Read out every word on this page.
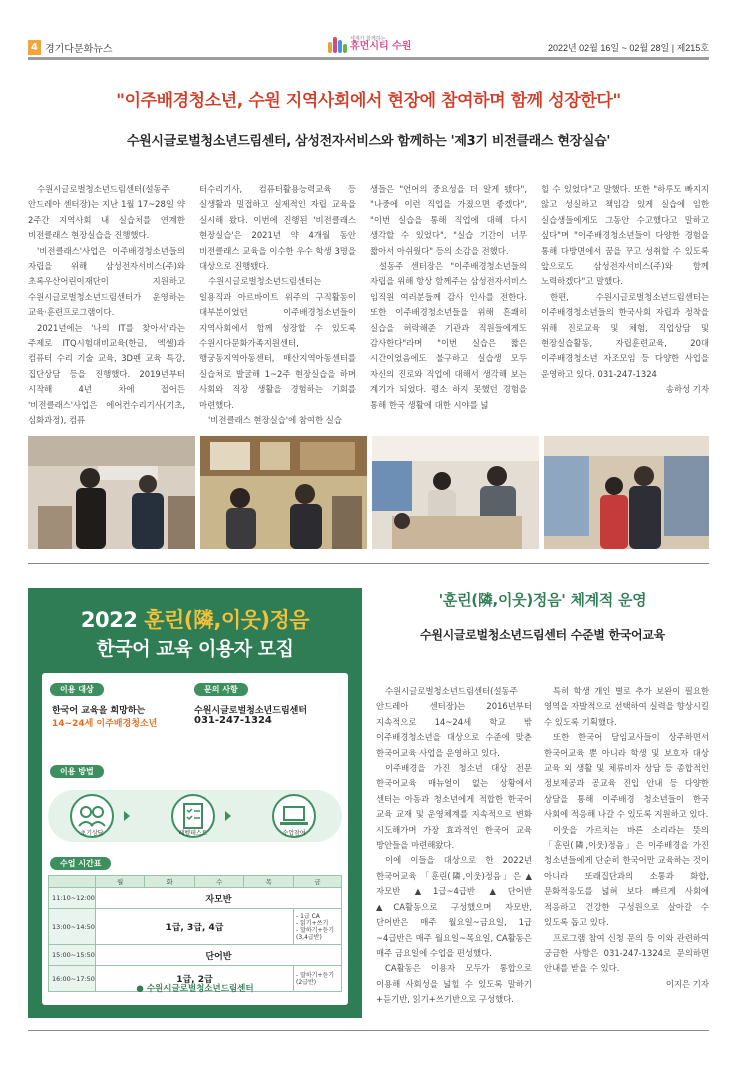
4 경기다문화뉴스
세계가 함께하는
휴먼시티 수원	2022년 02월 16일 ~ 02월 28일 | 제215호
"이주배경청소년, 수원 지역사회에서 현장에 참여하며 함께 성장한다"
수원시글로벌청소년드림센터, 삼성전자서비스와 함께하는 '제3기 비전클래스 현장실습'

수원시글로벌청소년드림센터(설동주 안드레아 센터장)는 지난 1월 17~28일 약 2주간 지역사회 내 실습처를 연계한 비전클래스 현장실습을 진행했다.

'비전클래스'사업은 이주배경청소년들의 자립을 위해 삼성전자서비스(주)와 초록우산어린이재단이 지원하고 수원시글로벌청소년드림센터가 운영하는 교육·훈련프로그램이다.

2021년에는 '나의 IT를 찾아서'라는 주제로 ITQ시험대비교육(한글, 엑셀)과 컴퓨터 수리 기술 교육, 3D펜 교육 특강, 집단상담 등을 진행했다. 2019년부터 시작해 4년 차에 접어든 '비전클래스'사업은 에어컨수리기사(기초, 심화과정), 컴퓨

터수리기사, 컴퓨터활용능력교육 등 실생활과 밀접하고 실제적인 자립 교육을 실시해 왔다. 이번에 진행된 '비전클래스 현장실습'은 2021년 약 4개월 동안 비전클래스 교육을 이수한 우수 학생 3명을 대상으로 진행됐다.

수원시글로벌청소년드림센터는 일용직과 아르바이트 위주의 구직활동이 대부분이었던 이주배경청소년들이 지역사회에서 함께 성장할 수 있도록 수원시다문화가족지원센터, 행궁동지역아동센터, 매산지역아동센터를 실습처로 발굴해 1~2주 현장실습을 하며 사회와 직장 생활을 경험하는 기회를 마련했다.

'비전클래스 현장실습'에 참여한 실습

생들은 "언어의 중요성을 더 알게 됐다", "나중에 이런 직업을 가졌으면 좋겠다", "이번 실습을 통해 직업에 대해 다시 생각할 수 있었다", "실습 기간이 너무 짧아서 아쉬웠다" 등의 소감을 전했다.

설동주 센터장은 "이주배경청소년들의 자립을 위해 항상 함께주는 삼성전자서비스 임직원 여러분들께 감사 인사를 전한다. 또한 이주배경청소년들을 위해 흔쾌히 실습을 허락해준 기관과 직원들에게도 감사한다"라며 "이번 실습은 짧은 시간이었음에도 불구하고 실습생 모두 자신의 진로와 직업에 대해서 생각해 보는 계기가 되었다. 평소 하지 못했던 경험을 통해 한국 생활에 대한 시야를 넓

힐 수 있었다"고 말했다. 또한 "하루도 빠지지 않고 성실하고 책임감 있게 실습에 임한 실습생들에게도 그동안 수고했다고 말하고 싶다"며 "이주배경청소년들이 다양한 경험을 통해 다방면에서 꿈을 꾸고 성취할 수 있도록 앞으로도 삼성전자서비스(주)와 함께 노력하겠다"고 말했다.

한편, 수원시글로벌청소년드림센터는 이주배경청소년들의 한국사회 자립과 정착을 위해 진로교육 및 체험, 직업상담 및 현장실습활동, 자립훈련교육, 20대 이주배경청소년 자조모임 등 다양한 사업을 운영하고 있다. 031-247-1324

송하성 기자

2022 훈린(隣,이웃)정음
한국어 교육 이용자 모집
이용 대상	문의 사항
한국어 교육을 희망하는
14~24세 이주배경청소년
수원시글로벌청소년드림센터
031-247-1324
이용 방법
초기상담	레벨테스트	수업참여
수업 시간표
	월	화	수	목	금
11:10~12:00	자모반				
13:00~14:50	1급, 3급, 4급				- 1급 CA
- 읽기+쓰기
- 말하기+듣기
(3,4급반)
15:00~15:50	단어반				
16:00~17:50	1급, 2급				- 말하기+듣기
(2급반)
● 수원시글로벌청소년드림센터
'훈린(隣,이웃)정음' 체계적 운영
수원시글로벌청소년드림센터 수준별 한국어교육

수원시글로벌청소년드림센터(설동주 안드레아 센터장)는 2016년부터 지속적으로 14~24세 학교 밖 이주배경청소년을 대상으로 수준에 맞춘 한국어교육 사업을 운영하고 있다.

이주배경을 가진 청소년 대상 전문 한국어교육 매뉴얼이 없는 상황에서 센터는 아동과 청소년에게 적합한 한국어 교육 교재 및 운영체계를 지속적으로 변화 시도해가며 가장 효과적인 한국어 교육 방안들을 마련해왔다.

이에 이들을 대상으로 한 2022년 한국어교육 「훈린(隣,이웃)정음」은 ▲자모반 ▲1급~4급반 ▲단어반 ▲CA활동으로 구성했으며 자모반, 단어반은 매주 월요일~금요일, 1급~4급반은 매주 월요일~목요일, CA활동은 매주 금요일에 수업을 편성했다.

CA활동은 이용자 모두가 통합으로 이용해 사회성을 넓힐 수 있도록 말하기+듣기반, 읽기+쓰기반으로 구성했다.

특히 학생 개인 별로 추가 보완이 필요한 영역을 자발적으로 선택하여 실력을 향상시킬 수 있도록 기획했다.

또한 한국어 담임교사들이 상주하면서 한국어교육 뿐 아니라 학생 및 보호자 대상 교육 외 생활 및 체류비자 상담 등 종합적인 정보제공과 공교육 진입 안내 등 다양한 상담을 통해 이주배경 청소년들이 한국 사회에 적응해 나갈 수 있도록 지원하고 있다.

이웃을 가르치는 바른 소리라는 뜻의 「훈린(隣,이웃)정음」은 이주배경을 가진 청소년들에게 단순히 한국어만 교육하는 것이 아니라 또래집단과의 소통과 화합, 문화적응도를 넓혀 보다 빠르게 사회에 적응하고 건강한 구성원으로 살아갈 수 있도록 돕고 있다.

프로그램 참여 신청 문의 등 이와 관련하여 궁금한 사항은 031-247-1324로 문의하면 안내를 받을 수 있다.

이지은 기자
